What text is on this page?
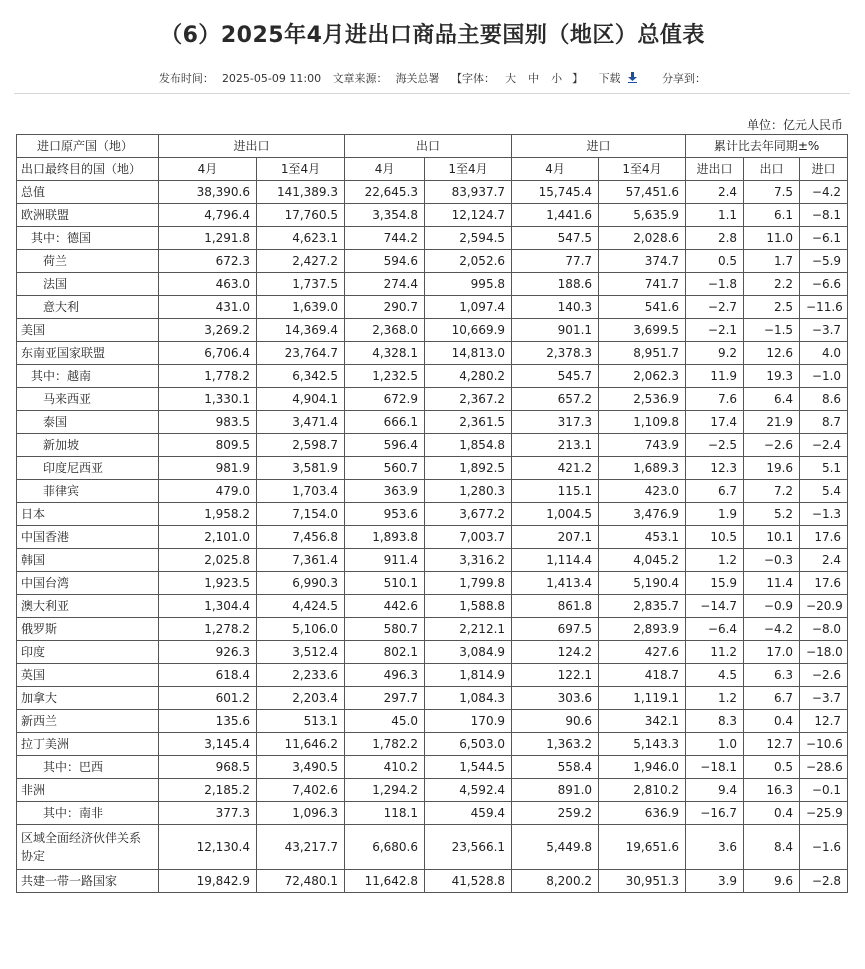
（6）2025年4月进出口商品主要国别（地区）总值表
发布时间： 2025-05-09 11:00 文章来源： 海关总署 【字体： 大 中 小 】 下载	分享到：
单位：亿元人民币
进口原产国（地）	进出口		出口		进口		累计比去年同期±%		
出口最终目的国（地）	4月	1至4月	4月	1至4月	4月	1至4月	进出口	出口	进口
总值	38,390.6	141,389.3	22,645.3	83,937.7	15,745.4	57,451.6	2.4	7.5	−4.2
欧洲联盟	4,796.4	17,760.5	3,354.8	12,124.7	1,441.6	5,635.9	1.1	6.1	−8.1
其中：德国	1,291.8	4,623.1	744.2	2,594.5	547.5	2,028.6	2.8	11.0	−6.1
荷兰	672.3	2,427.2	594.6	2,052.6	77.7	374.7	0.5	1.7	−5.9
法国	463.0	1,737.5	274.4	995.8	188.6	741.7	−1.8	2.2	−6.6
意大利	431.0	1,639.0	290.7	1,097.4	140.3	541.6	−2.7	2.5	−11.6
美国	3,269.2	14,369.4	2,368.0	10,669.9	901.1	3,699.5	−2.1	−1.5	−3.7
东南亚国家联盟	6,706.4	23,764.7	4,328.1	14,813.0	2,378.3	8,951.7	9.2	12.6	4.0
其中：越南	1,778.2	6,342.5	1,232.5	4,280.2	545.7	2,062.3	11.9	19.3	−1.0
马来西亚	1,330.1	4,904.1	672.9	2,367.2	657.2	2,536.9	7.6	6.4	8.6
泰国	983.5	3,471.4	666.1	2,361.5	317.3	1,109.8	17.4	21.9	8.7
新加坡	809.5	2,598.7	596.4	1,854.8	213.1	743.9	−2.5	−2.6	−2.4
印度尼西亚	981.9	3,581.9	560.7	1,892.5	421.2	1,689.3	12.3	19.6	5.1
菲律宾	479.0	1,703.4	363.9	1,280.3	115.1	423.0	6.7	7.2	5.4
日本	1,958.2	7,154.0	953.6	3,677.2	1,004.5	3,476.9	1.9	5.2	−1.3
中国香港	2,101.0	7,456.8	1,893.8	7,003.7	207.1	453.1	10.5	10.1	17.6
韩国	2,025.8	7,361.4	911.4	3,316.2	1,114.4	4,045.2	1.2	−0.3	2.4
中国台湾	1,923.5	6,990.3	510.1	1,799.8	1,413.4	5,190.4	15.9	11.4	17.6
澳大利亚	1,304.4	4,424.5	442.6	1,588.8	861.8	2,835.7	−14.7	−0.9	−20.9
俄罗斯	1,278.2	5,106.0	580.7	2,212.1	697.5	2,893.9	−6.4	−4.2	−8.0
印度	926.3	3,512.4	802.1	3,084.9	124.2	427.6	11.2	17.0	−18.0
英国	618.4	2,233.6	496.3	1,814.9	122.1	418.7	4.5	6.3	−2.6
加拿大	601.2	2,203.4	297.7	1,084.3	303.6	1,119.1	1.2	6.7	−3.7
新西兰	135.6	513.1	45.0	170.9	90.6	342.1	8.3	0.4	12.7
拉丁美洲	3,145.4	11,646.2	1,782.2	6,503.0	1,363.2	5,143.3	1.0	12.7	−10.6
其中：巴西	968.5	3,490.5	410.2	1,544.5	558.4	1,946.0	−18.1	0.5	−28.6
非洲	2,185.2	7,402.6	1,294.2	4,592.4	891.0	2,810.2	9.4	16.3	−0.1
其中：南非	377.3	1,096.3	118.1	459.4	259.2	636.9	−16.7	0.4	−25.9
区域全面经济伙伴关系协定	12,130.4	43,217.7	6,680.6	23,566.1	5,449.8	19,651.6	3.6	8.4	−1.6
共建一带一路国家	19,842.9	72,480.1	11,642.8	41,528.8	8,200.2	30,951.3	3.9	9.6	−2.8
